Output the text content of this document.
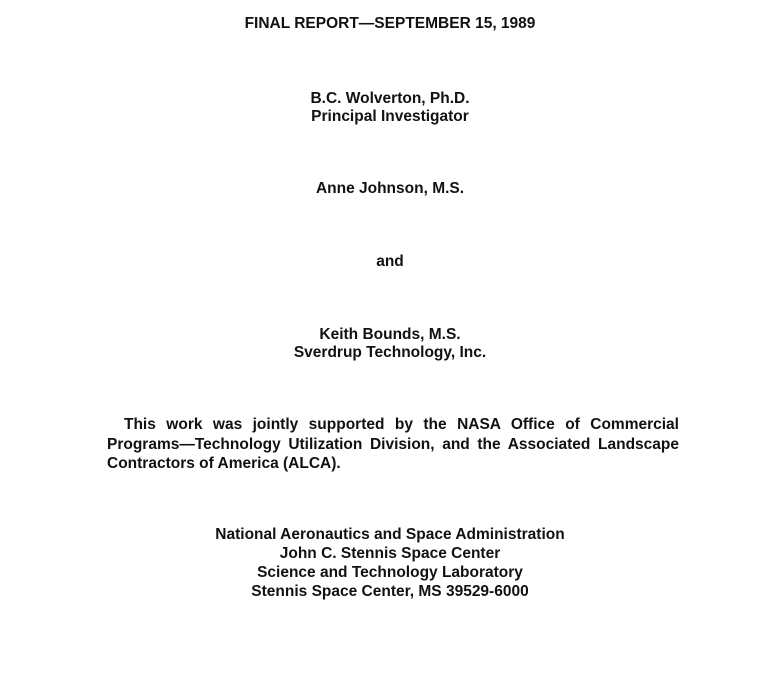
FINAL REPORT—SEPTEMBER 15, 1989
B.C. Wolverton, Ph.D.
Principal Investigator
Anne Johnson, M.S.
and
Keith Bounds, M.S.
Sverdrup Technology, Inc.
This work was jointly supported by the NASA Office of Commercial
Programs—Technology Utilization Division, and the Associated Landscape
Contractors of America (ALCA).
National Aeronautics and Space Administration
John C. Stennis Space Center
Science and Technology Laboratory
Stennis Space Center, MS 39529-6000
